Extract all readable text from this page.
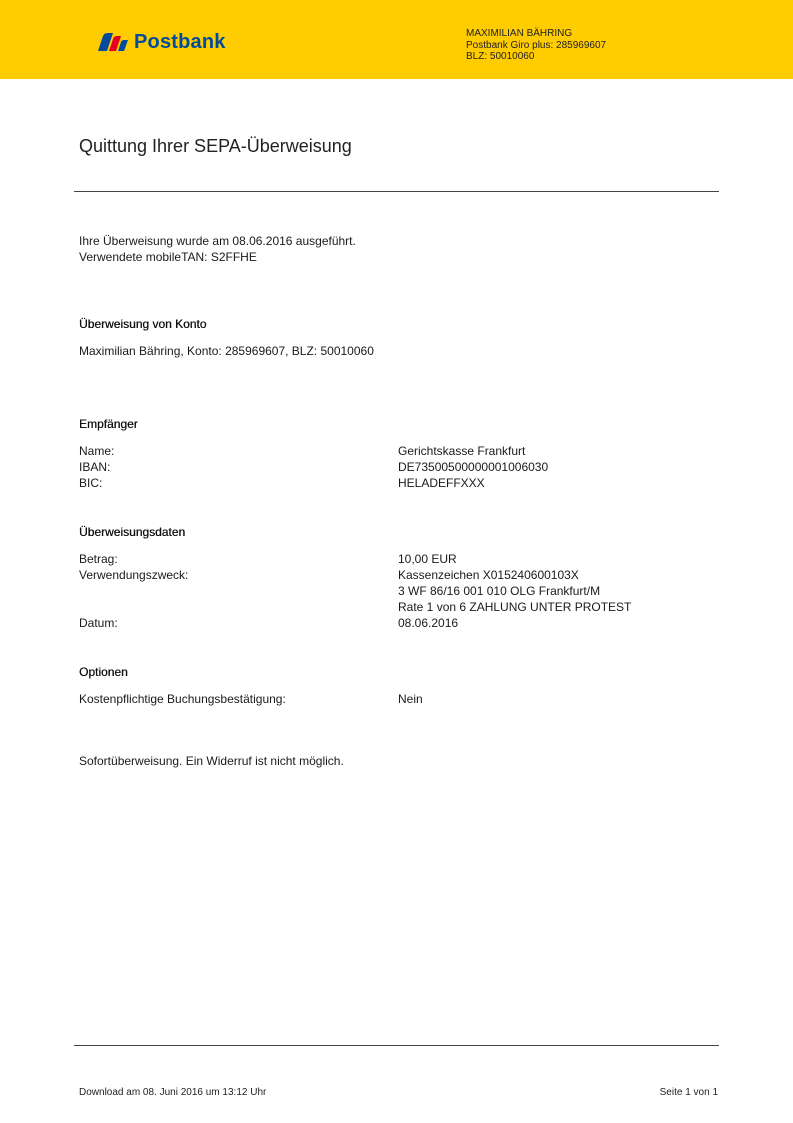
Postbank	MAXIMILIAN BÄHRING
Postbank Giro plus: 285969607
BLZ: 50010060
Quittung Ihrer SEPA-Überweisung
Ihre Überweisung wurde am 08.06.2016 ausgeführt.
Verwendete mobileTAN: S2FFHE
Überweisung von Konto
Maximilian Bähring, Konto: 285969607, BLZ: 50010060
Empfänger
Name:	Gerichtskasse Frankfurt
IBAN:	DE73500500000001006030
BIC:	HELADEFFXXX
Überweisungsdaten
Betrag:	10,00 EUR
Verwendungszweck:	Kassenzeichen X015240600103X
3 WF 86/16 001 010 OLG Frankfurt/M
Rate 1 von 6 ZAHLUNG UNTER PROTEST
Datum:	08.06.2016
Optionen
Kostenpflichtige Buchungsbestätigung:	Nein
Sofortüberweisung. Ein Widerruf ist nicht möglich.
Download am 08. Juni 2016 um 13:12 Uhr	Seite 1 von 1
